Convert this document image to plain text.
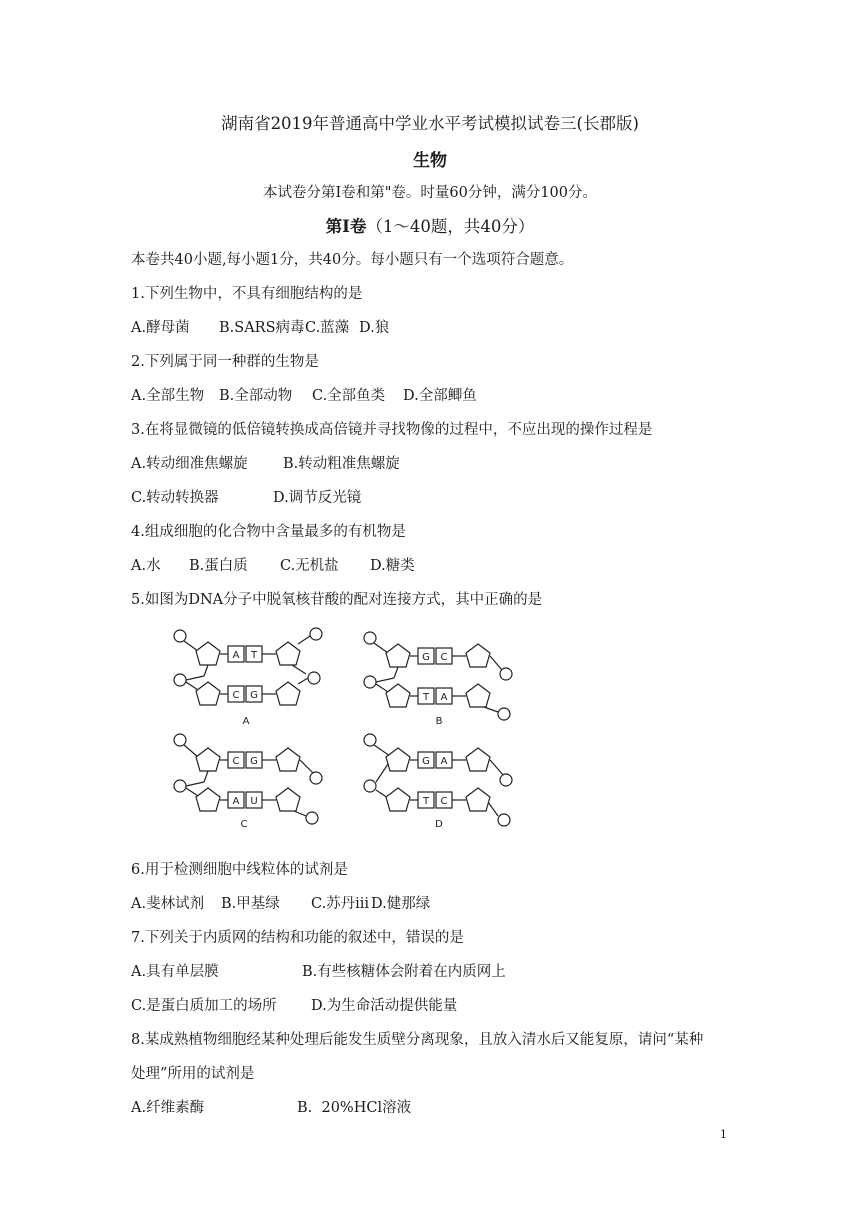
湖南省2019年普通高中学业水平考试模拟试卷三(长郡版)
生物
本试卷分第Ⅰ卷和第"卷。时量60分钟，满分100分。
第Ⅰ卷（1～40题，共40分）
本卷共40小题,每小题1分，共40分。每小题只有一个选项符合题意。
1.下列生物中，不具有细胞结构的是
A.酵母菌 B.SARS病毒C.蓝藻 D.狼
2.下列属于同一种群的生物是
A.全部生物 B.全部动物 C.全部鱼类 D.全部鲫鱼
3.在将显微镜的低倍镜转换成高倍镜并寻找物像的过程中，不应出现的操作过程是
A.转动细准焦螺旋 B.转动粗准焦螺旋
C.转动转换器	D.调节反光镜
4.组成细胞的化合物中含量最多的有机物是
A.水 B.蛋白质 C.无机盐 D.糖类
5.如图为DNA分子中脱氧核苷酸的配对连接方式，其中正确的是
A T
C G
G C
T A
C G
A U
G A
T C
A	B
C	D
6.用于检测细胞中线粒体的试剂是
A.斐林试剂 B.甲基绿 C.苏丹ⅲ D.健那绿
7.下列关于内质网的结构和功能的叙述中，错误的是
A.具有单层膜	B.有些核糖体会附着在内质网上
C.是蛋白质加工的场所 D.为生命活动提供能量
8.某成熟植物细胞经某种处理后能发生质壁分离现象，且放入清水后又能复原，请问“某种
处理”所用的试剂是
A.纤维素酶	B.  20%HCl溶液
1
